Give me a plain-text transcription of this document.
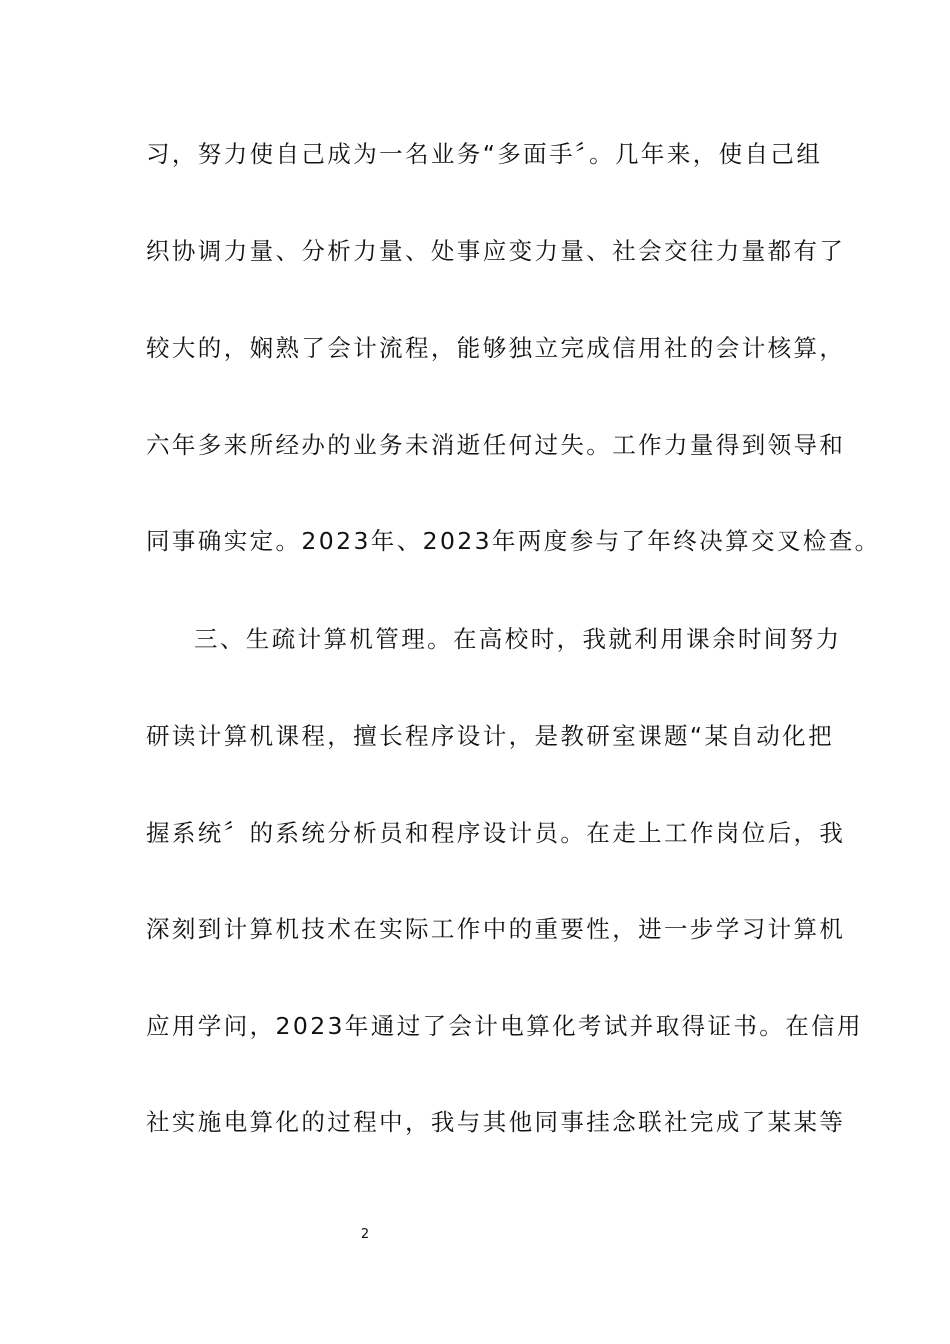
习，努力使自己成为一名业务“多面手〞。几年来，使自己组
织协调力量、分析力量、处事应变力量、社会交往力量都有了
较大的，娴熟了会计流程，能够独立完成信用社的会计核算，
六年多来所经办的业务未消逝任何过失。工作力量得到领导和
同事确实定。2023年、2023年两度参与了年终决算交叉检查。
三、生疏计算机管理。在高校时，我就利用课余时间努力
研读计算机课程，擅长程序设计，是教研室课题“某自动化把
握系统〞的系统分析员和程序设计员。在走上工作岗位后，我
深刻到计算机技术在实际工作中的重要性，进一步学习计算机
应用学问，2023年通过了会计电算化考试并取得证书。在信用
社实施电算化的过程中，我与其他同事挂念联社完成了某某等
2
